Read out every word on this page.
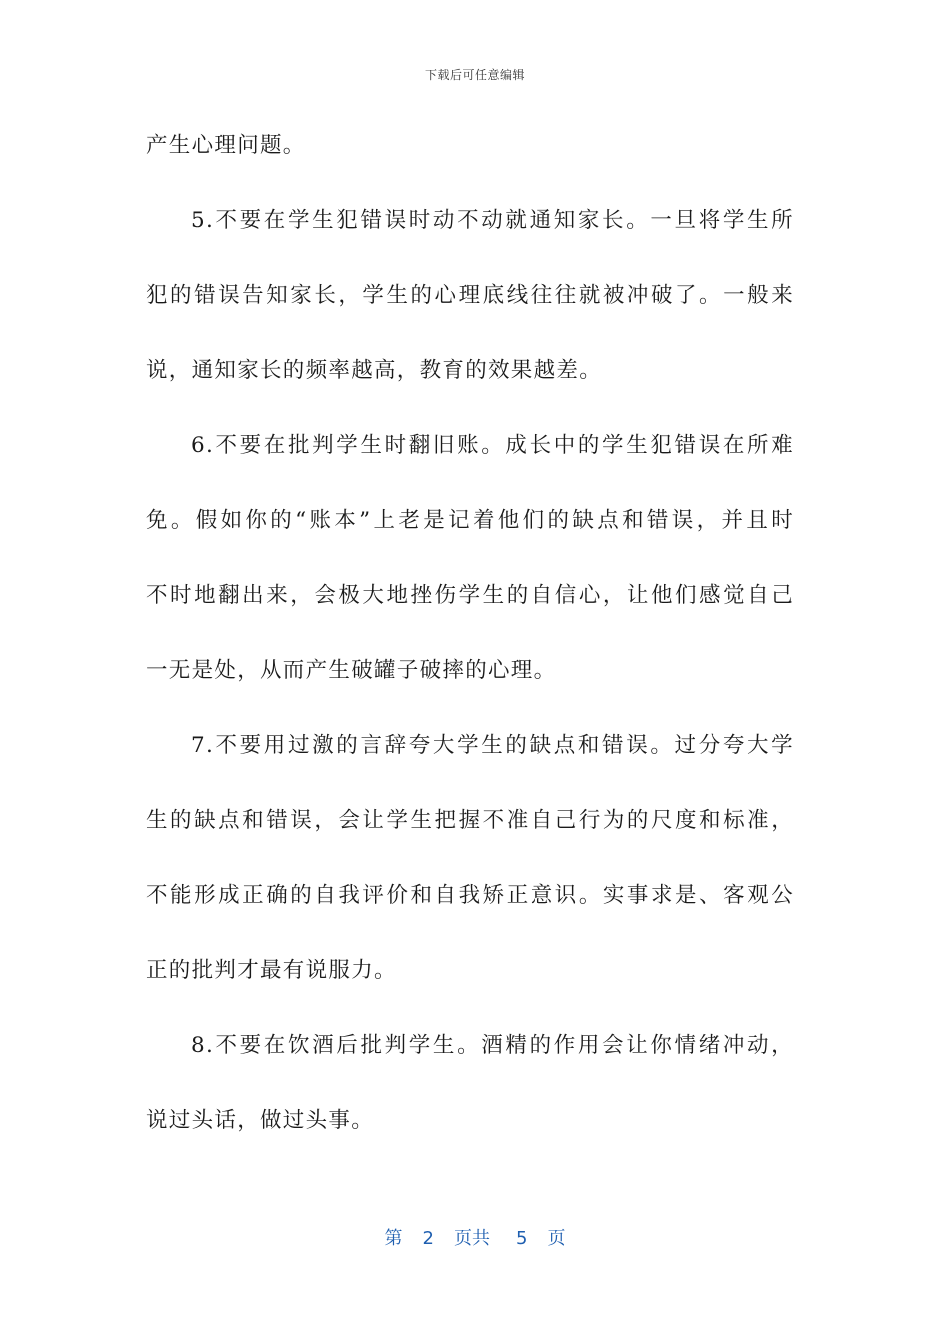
下载后可任意编辑
产生心理问题。
5.不要在学生犯错误时动不动就通知家长。一旦将学生所
犯的错误告知家长，学生的心理底线往往就被冲破了。一般来
说，通知家长的频率越高，教育的效果越差。
6.不要在批判学生时翻旧账。成长中的学生犯错误在所难
免。假如你的“账本”上老是记着他们的缺点和错误，并且时
不时地翻出来，会极大地挫伤学生的自信心，让他们感觉自己
一无是处，从而产生破罐子破摔的心理。
7.不要用过激的言辞夸大学生的缺点和错误。过分夸大学
生的缺点和错误，会让学生把握不准自己行为的尺度和标准，
不能形成正确的自我评价和自我矫正意识。实事求是、客观公
正的批判才最有说服力。
8.不要在饮酒后批判学生。酒精的作用会让你情绪冲动，
说过头话，做过头事。
第 2 页共 5 页
